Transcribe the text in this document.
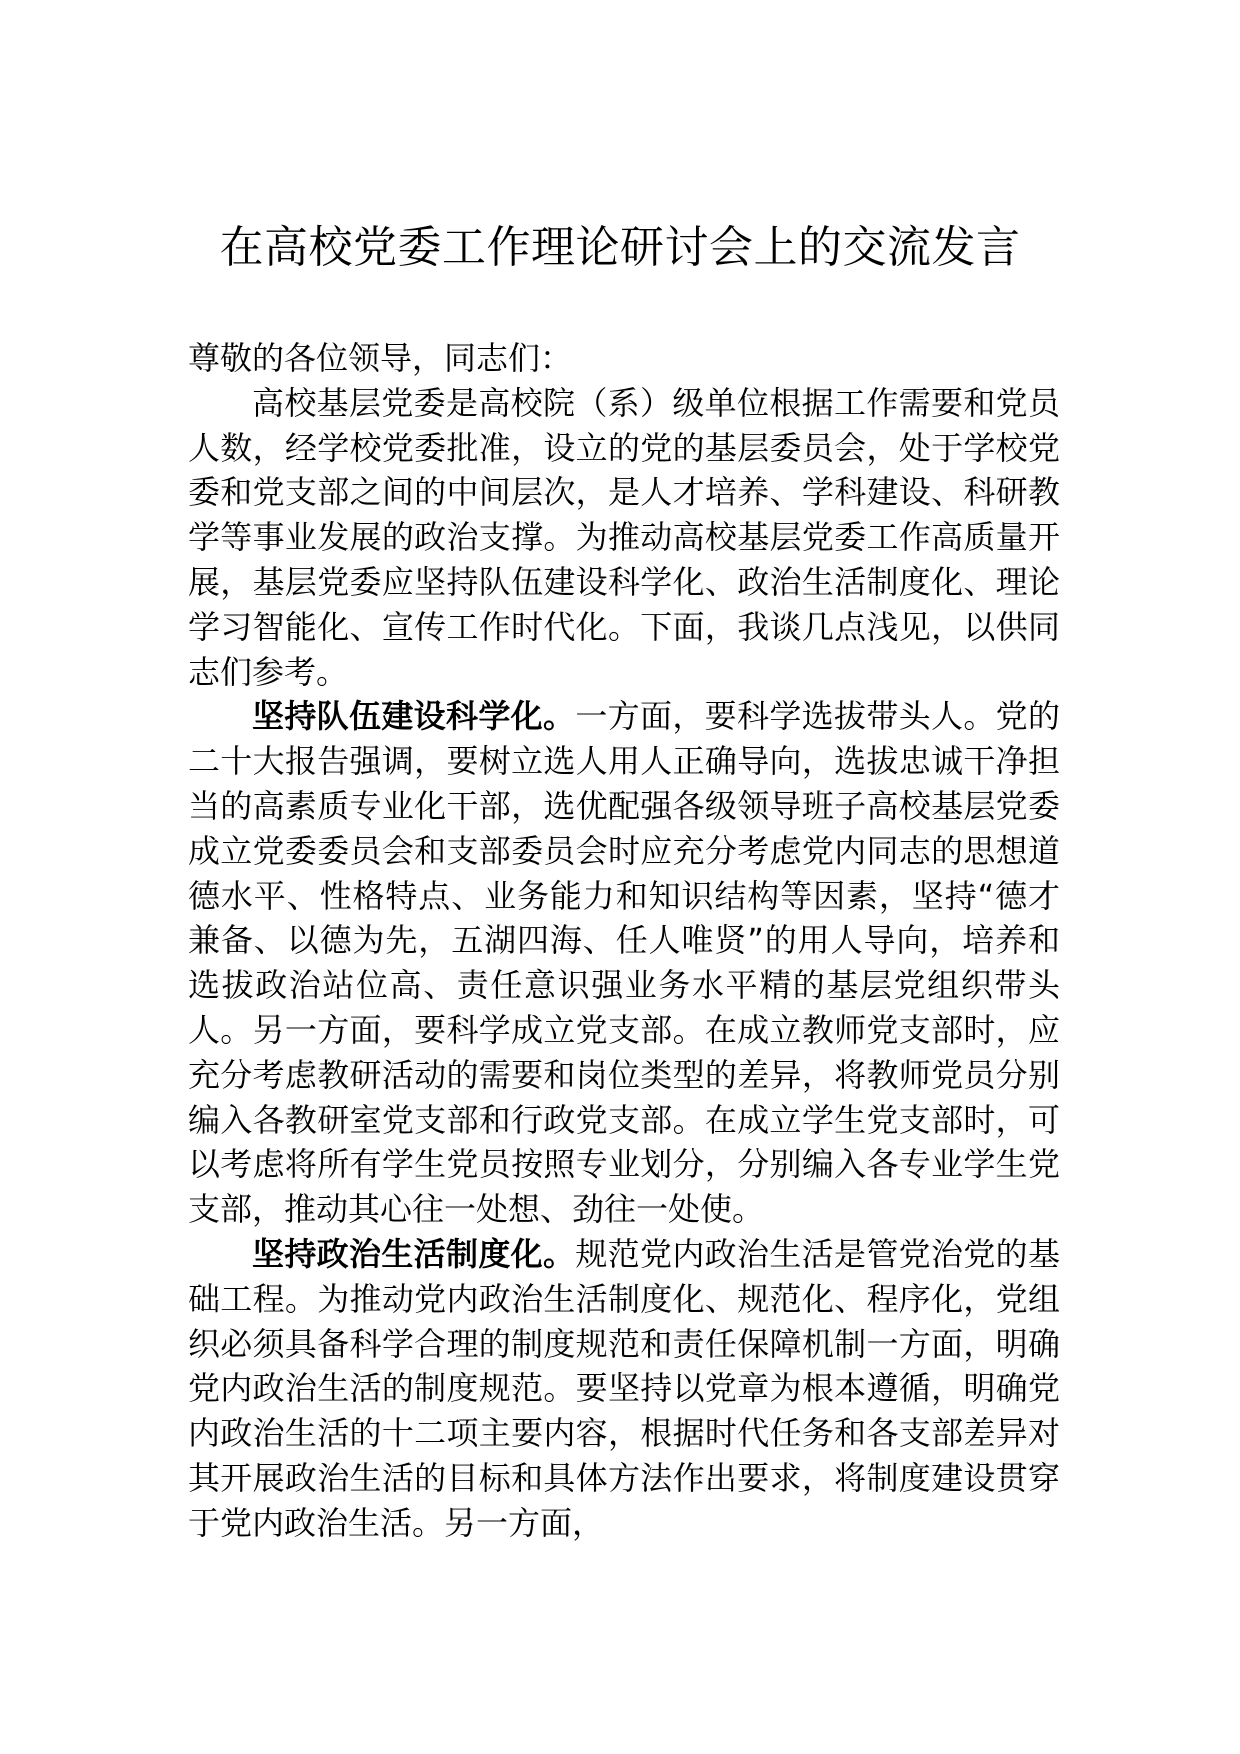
在高校党委工作理论研讨会上的交流发言

尊敬的各位领导，同志们：

高校基层党委是高校院（系）级单位根据工作需要和党员人数，经学校党委批准，设立的党的基层委员会，处于学校党委和党支部之间的中间层次，是人才培养、学科建设、科研教学等事业发展的政治支撑。为推动高校基层党委工作高质量开展，基层党委应坚持队伍建设科学化、政治生活制度化、理论学习智能化、宣传工作时代化。下面，我谈几点浅见，以供同志们参考。

坚持队伍建设科学化。一方面，要科学选拔带头人。党的二十大报告强调，要树立选人用人正确导向，选拔忠诚干净担当的高素质专业化干部，选优配强各级领导班子高校基层党委成立党委委员会和支部委员会时应充分考虑党内同志的思想道德水平、性格特点、业务能力和知识结构等因素，坚持“德才兼备、以德为先，五湖四海、任人唯贤”的用人导向，培养和选拔政治站位高、责任意识强业务水平精的基层党组织带头人。另一方面，要科学成立党支部。在成立教师党支部时，应充分考虑教研活动的需要和岗位类型的差异，将教师党员分别编入各教研室党支部和行政党支部。在成立学生党支部时，可以考虑将所有学生党员按照专业划分，分别编入各专业学生党支部，推动其心往一处想、劲往一处使。

坚持政治生活制度化。规范党内政治生活是管党治党的基础工程。为推动党内政治生活制度化、规范化、程序化，党组织必须具备科学合理的制度规范和责任保障机制一方面，明确党内政治生活的制度规范。要坚持以党章为根本遵循，明确党内政治生活的十二项主要内容，根据时代任务和各支部差异对其开展政治生活的目标和具体方法作出要求，将制度建设贯穿于党内政治生活。另一方面，
